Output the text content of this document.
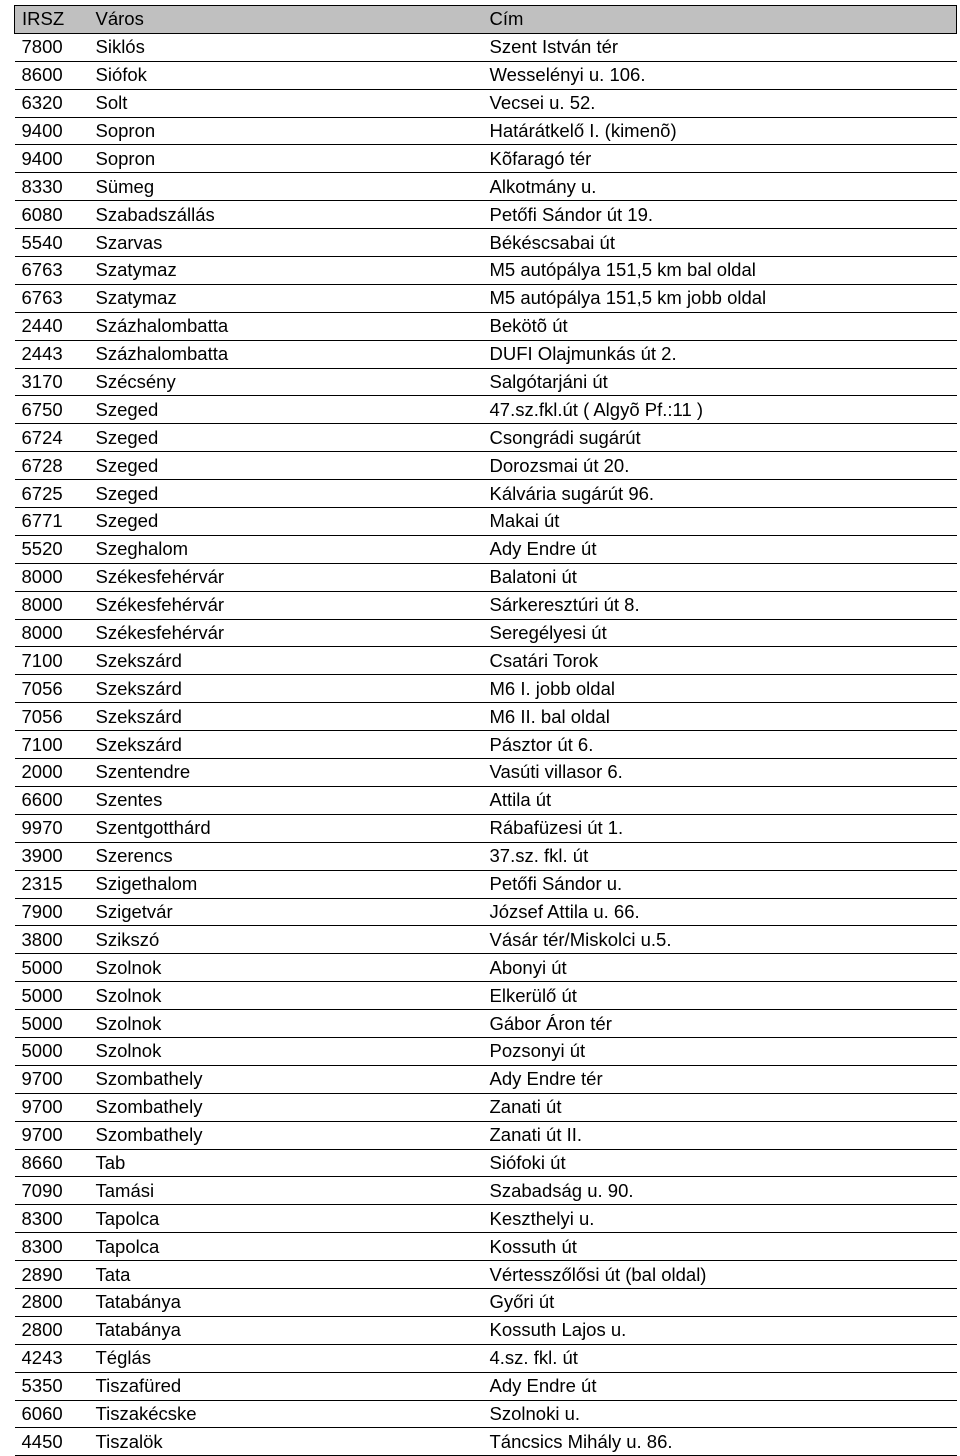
IRSZ	Város	Cím
7800	Siklós	Szent István tér
8600	Siófok	Wesselényi u. 106.
6320	Solt	Vecsei u. 52.
9400	Sopron	Határátkelő I. (kimenõ)
9400	Sopron	Kõfaragó tér
8330	Sümeg	Alkotmány u.
6080	Szabadszállás	Petőfi Sándor út 19.
5540	Szarvas	Békéscsabai út
6763	Szatymaz	M5 autópálya 151,5 km bal oldal
6763	Szatymaz	M5 autópálya 151,5 km jobb oldal
2440	Százhalombatta	Bekötõ út
2443	Százhalombatta	DUFI Olajmunkás út 2.
3170	Szécsény	Salgótarjáni út
6750	Szeged	47.sz.fkl.út ( Algyõ Pf.:11 )
6724	Szeged	Csongrádi sugárút
6728	Szeged	Dorozsmai út 20.
6725	Szeged	Kálvária sugárút 96.
6771	Szeged	Makai út
5520	Szeghalom	Ady Endre út
8000	Székesfehérvár	Balatoni út
8000	Székesfehérvár	Sárkeresztúri út 8.
8000	Székesfehérvár	Seregélyesi út
7100	Szekszárd	Csatári Torok
7056	Szekszárd	M6 I. jobb oldal
7056	Szekszárd	M6 II. bal oldal
7100	Szekszárd	Pásztor út 6.
2000	Szentendre	Vasúti villasor 6.
6600	Szentes	Attila út
9970	Szentgotthárd	Rábafüzesi út 1.
3900	Szerencs	37.sz. fkl. út
2315	Szigethalom	Petőfi Sándor u.
7900	Szigetvár	József Attila u. 66.
3800	Szikszó	Vásár tér/Miskolci u.5.
5000	Szolnok	Abonyi út
5000	Szolnok	Elkerülő út
5000	Szolnok	Gábor Áron tér
5000	Szolnok	Pozsonyi út
9700	Szombathely	Ady Endre tér
9700	Szombathely	Zanati út
9700	Szombathely	Zanati út II.
8660	Tab	Siófoki út
7090	Tamási	Szabadság u. 90.
8300	Tapolca	Keszthelyi u.
8300	Tapolca	Kossuth út
2890	Tata	Vértesszőlősi út (bal oldal)
2800	Tatabánya	Győri út
2800	Tatabánya	Kossuth Lajos u.
4243	Téglás	4.sz. fkl. út
5350	Tiszafüred	Ady Endre út
6060	Tiszakécske	Szolnoki u.
4450	Tiszalök	Táncsics Mihály u. 86.
